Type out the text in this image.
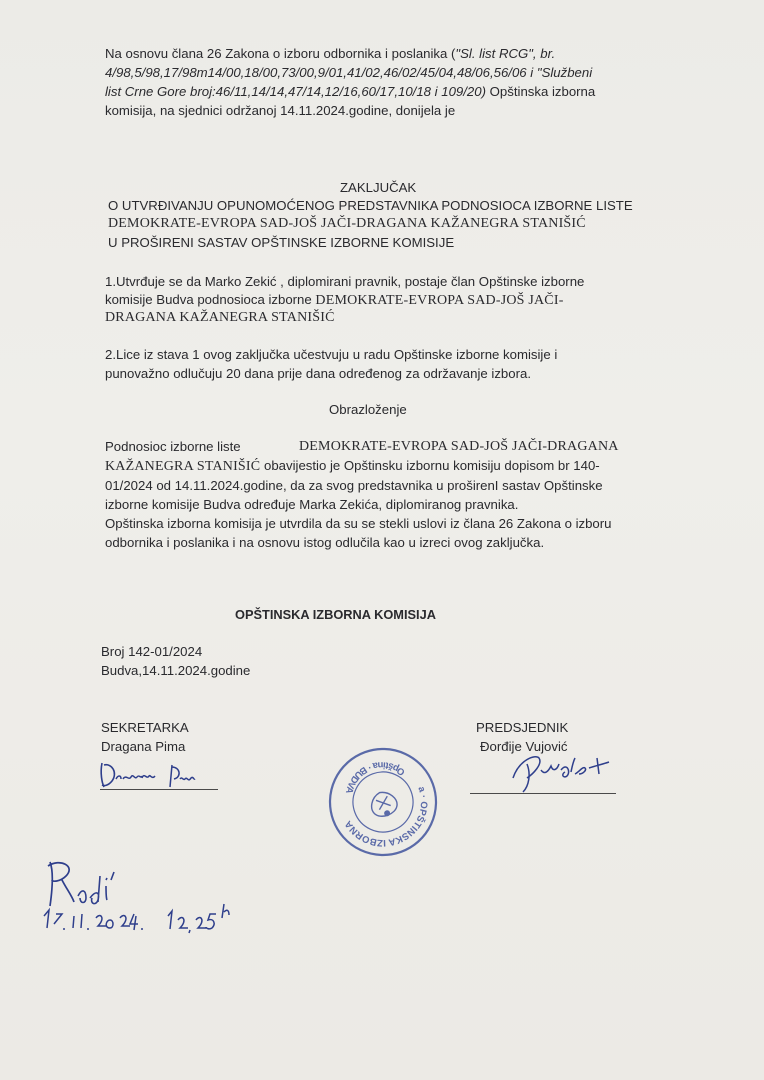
Na osnovu člana 26 Zakona o izboru odbornika i poslanika ("Sl. list RCG", br.
4/98,5/98,17/98m14/00,18/00,73/00,9/01,41/02,46/02/45/04,48/06,56/06 i "Službeni
list Crne Gore broj:46/11,14/14,47/14,12/16,60/17,10/18 i 109/20) Opštinska izborna
komisija, na sjednici održanoj 14.11.2024.godine, donijela je
ZAKLJUČAK
O UTVRĐIVANJU OPUNOMOĆENOG PREDSTAVNIKA PODNOSIOCA IZBORNE LISTE
DEMOKRATE-EVROPA SAD-JOŠ JAČI-DRAGANA KAŽANEGRA STANIŠIĆ
U PROŠIRENI SASTAV OPŠTINSKE IZBORNE KOMISIJE
1.Utvrđuje se da Marko Zekić , diplomirani pravnik, postaje član Opštinske izborne
komisije Budva podnosioca izborne DEMOKRATE-EVROPA SAD-JOŠ JAČI-
DRAGANA KAŽANEGRA STANIŠIĆ
2.Lice iz stava 1 ovog zaključka učestvuju u radu Opštinske izborne komisije i
punovažno odlučuju 20 dana prije dana određenog za održavanje izbora.
Obrazloženje
Podnosioc izborne liste	DEMOKRATE-EVROPA SAD-JOŠ JAČI-DRAGANA
KAŽANEGRA STANIŠIĆ obavijestio je Opštinsku izbornu komisiju dopisom br 140-
01/2024 od 14.11.2024.godine, da za svog predstavnika u proširenI sastav Opštinske
izborne komisije Budva određuje Marka Zekića, diplomiranog pravnika.
Opštinska izborna komisija je utvrdila da su se stekli uslovi iz člana 26 Zakona o izboru
odbornika i poslanika i na osnovu istog odlučila kao u izreci ovog zaključka.
OPŠTINSKA IZBORNA KOMISIJA
Broj 142-01/2024
Budva,14.11.2024.godine
SEKRETARKA
Dragana Pima
PREDSJEDNIK
Đorđije Vujović
Gora · OPŠTINSKA IZBORNA
Opština · BUDVA
